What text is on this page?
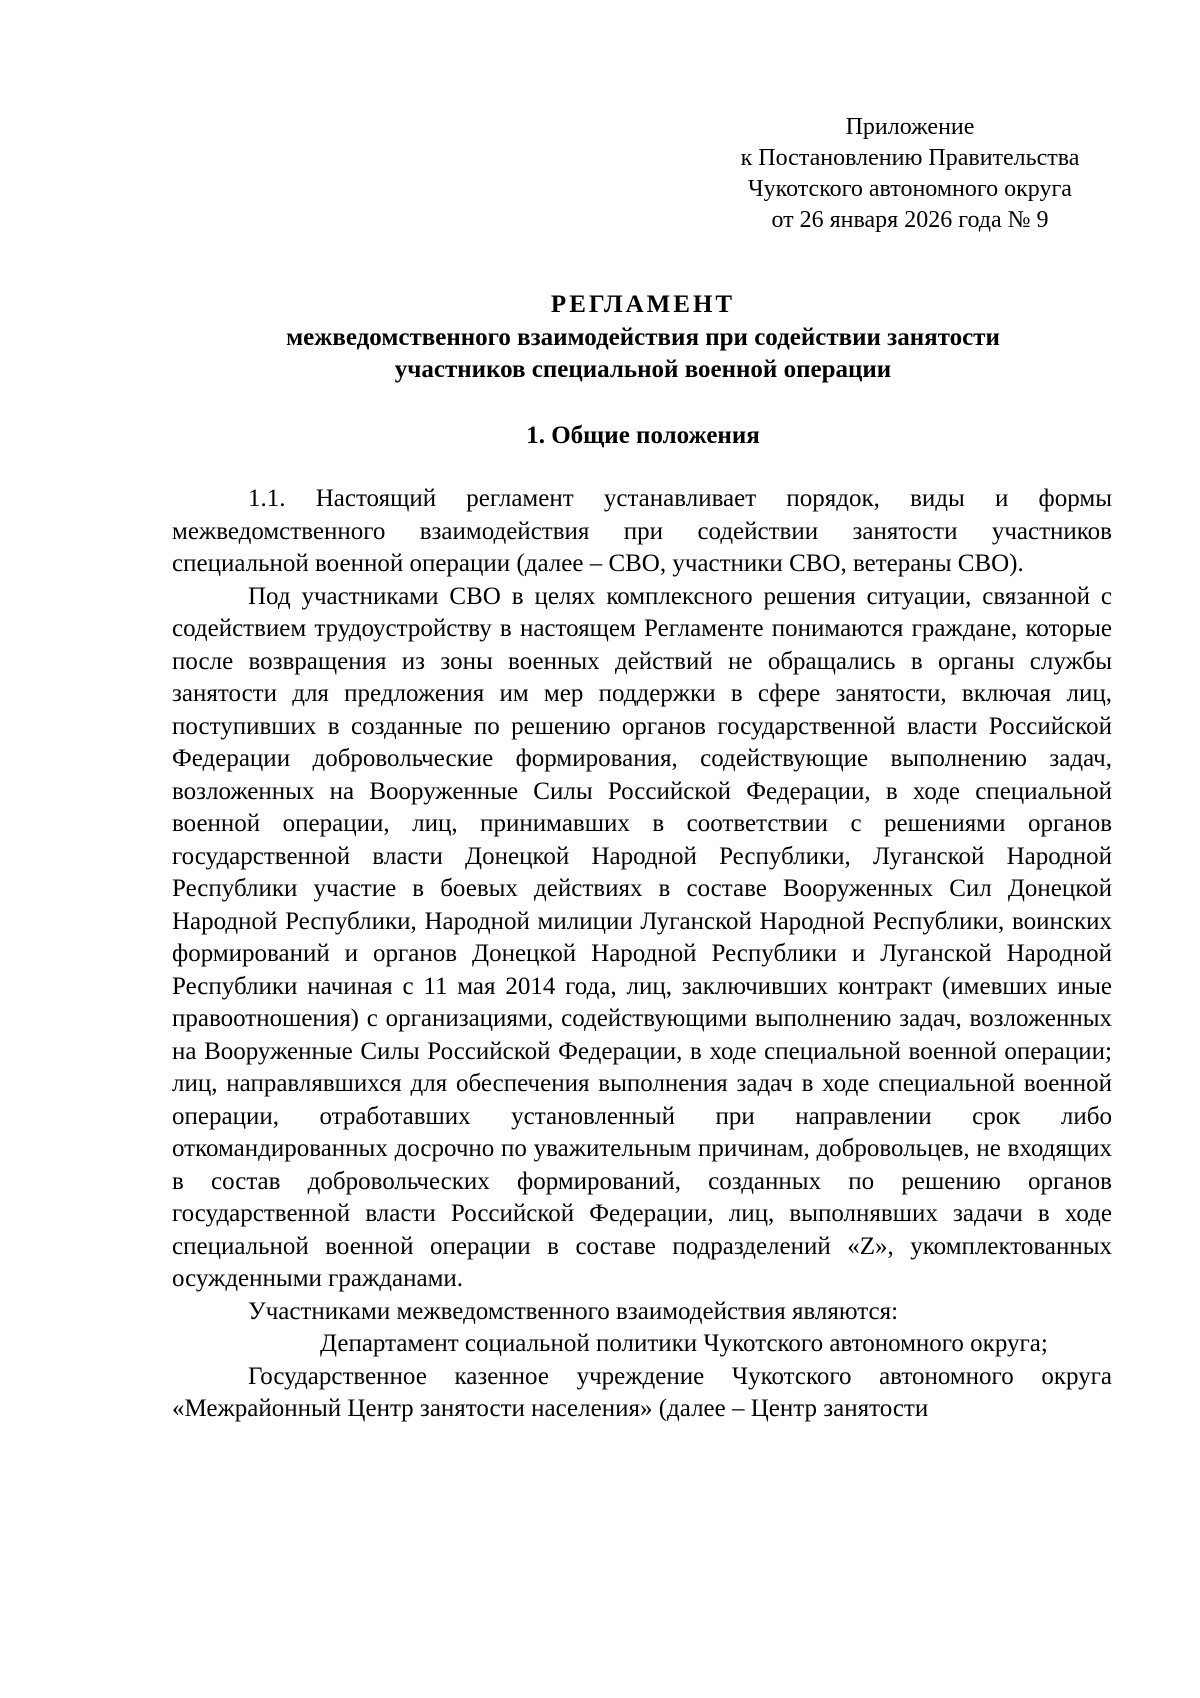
Приложение
к Постановлению Правительства
Чукотского автономного округа
от 26 января 2026 года № 9
РЕГЛАМЕНТ
межведомственного взаимодействия при содействии занятости
участников специальной военной операции
1. Общие положения

1.1. Настоящий регламент устанавливает порядок, виды и формы межведомственного взаимодействия при содействии занятости участников специальной военной операции (далее – СВО, участники СВО, ветераны СВО).

Под участниками СВО в целях комплексного решения ситуации, связанной с содействием трудоустройству в настоящем Регламенте понимаются граждане, которые после возвращения из зоны военных действий не обращались в органы службы занятости для предложения им мер поддержки в сфере занятости, включая лиц, поступивших в созданные по решению органов государственной власти Российской Федерации добровольческие формирования, содействующие выполнению задач, возложенных на Вооруженные Силы Российской Федерации, в ходе специальной военной операции, лиц, принимавших в соответствии с решениями органов государственной власти Донецкой Народной Республики, Луганской Народной Республики участие в боевых действиях в составе Вооруженных Сил Донецкой Народной Республики, Народной милиции Луганской Народной Республики, воинских формирований и органов Донецкой Народной Республики и Луганской Народной Республики начиная с 11 мая 2014 года, лиц, заключивших контракт (имевших иные правоотношения) с организациями, содействующими выполнению задач, возложенных на Вооруженные Силы Российской Федерации, в ходе специальной военной операции; лиц, направлявшихся для обеспечения выполнения задач в ходе специальной военной операции, отработавших установленный при направлении срок либо откомандированных досрочно по уважительным причинам, добровольцев, не входящих в состав добровольческих формирований, созданных по решению органов государственной власти Российской Федерации, лиц, выполнявших задачи в ходе специальной военной операции в составе подразделений «Z», укомплектованных осужденными гражданами.

Участниками межведомственного взаимодействия являются:

Департамент социальной политики Чукотского автономного округа;

Государственное казенное учреждение Чукотского автономного округа «Межрайонный Центр занятости населения» (далее – Центр занятости
